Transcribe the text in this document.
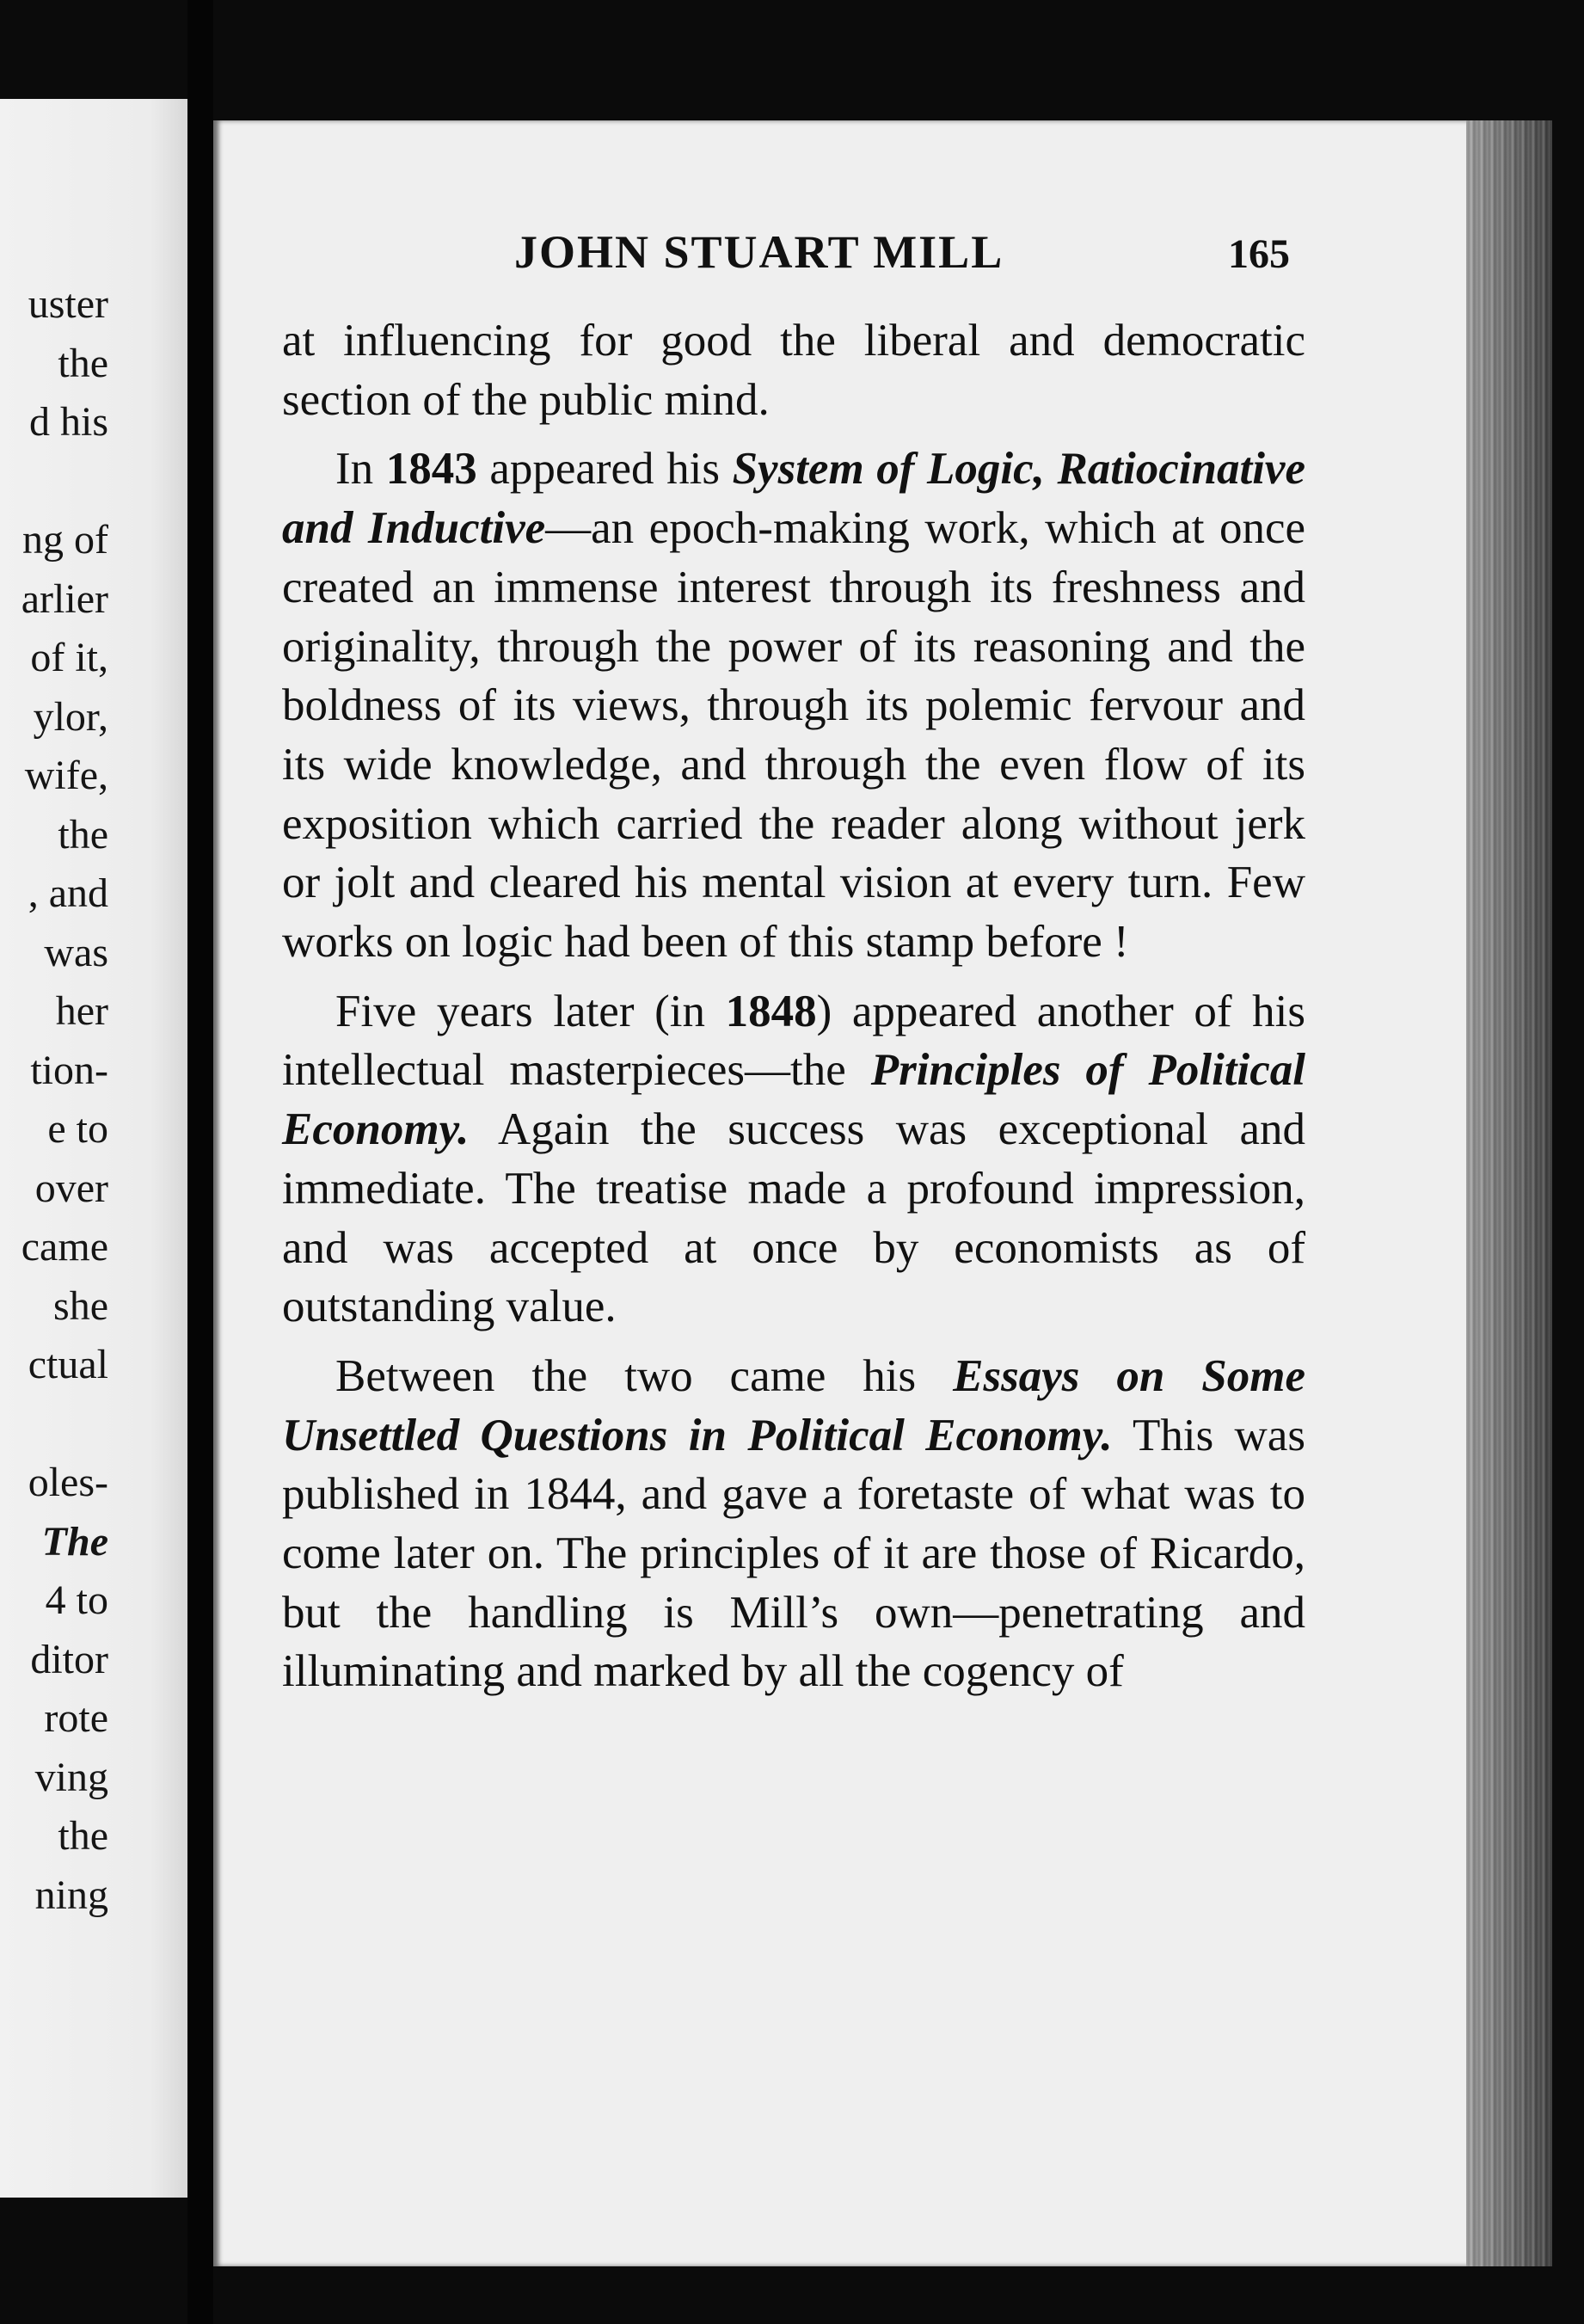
uster
the
d his
ng of
arlier
of it,
ylor,
wife,
the
, and
was
her
tion-
e to
over
came
she
ctual
oles-
The
4 to
ditor
rote
ving
the
ning
JOHN STUART MILL	165

at influencing for good the liberal and democratic section of the public mind.

In 1843 appeared his System of Logic, Ratiocinative and Inductive—an epoch-making work, which at once created an immense interest through its freshness and originality, through the power of its reasoning and the boldness of its views, through its polemic fervour and its wide knowledge, and through the even flow of its exposition which carried the reader along without jerk or jolt and cleared his mental vision at every turn. Few works on logic had been of this stamp before !

Five years later (in 1848) appeared another of his intellectual masterpieces—the Principles of Political Economy. Again the success was exceptional and immediate. The treatise made a profound impression, and was accepted at once by economists as of outstanding value.

Between the two came his Essays on Some Unsettled Questions in Political Economy. This was published in 1844, and gave a foretaste of what was to come later on. The principles of it are those of Ricardo, but the handling is Mill’s own—penetrating and illuminating and marked by all the cogency of
